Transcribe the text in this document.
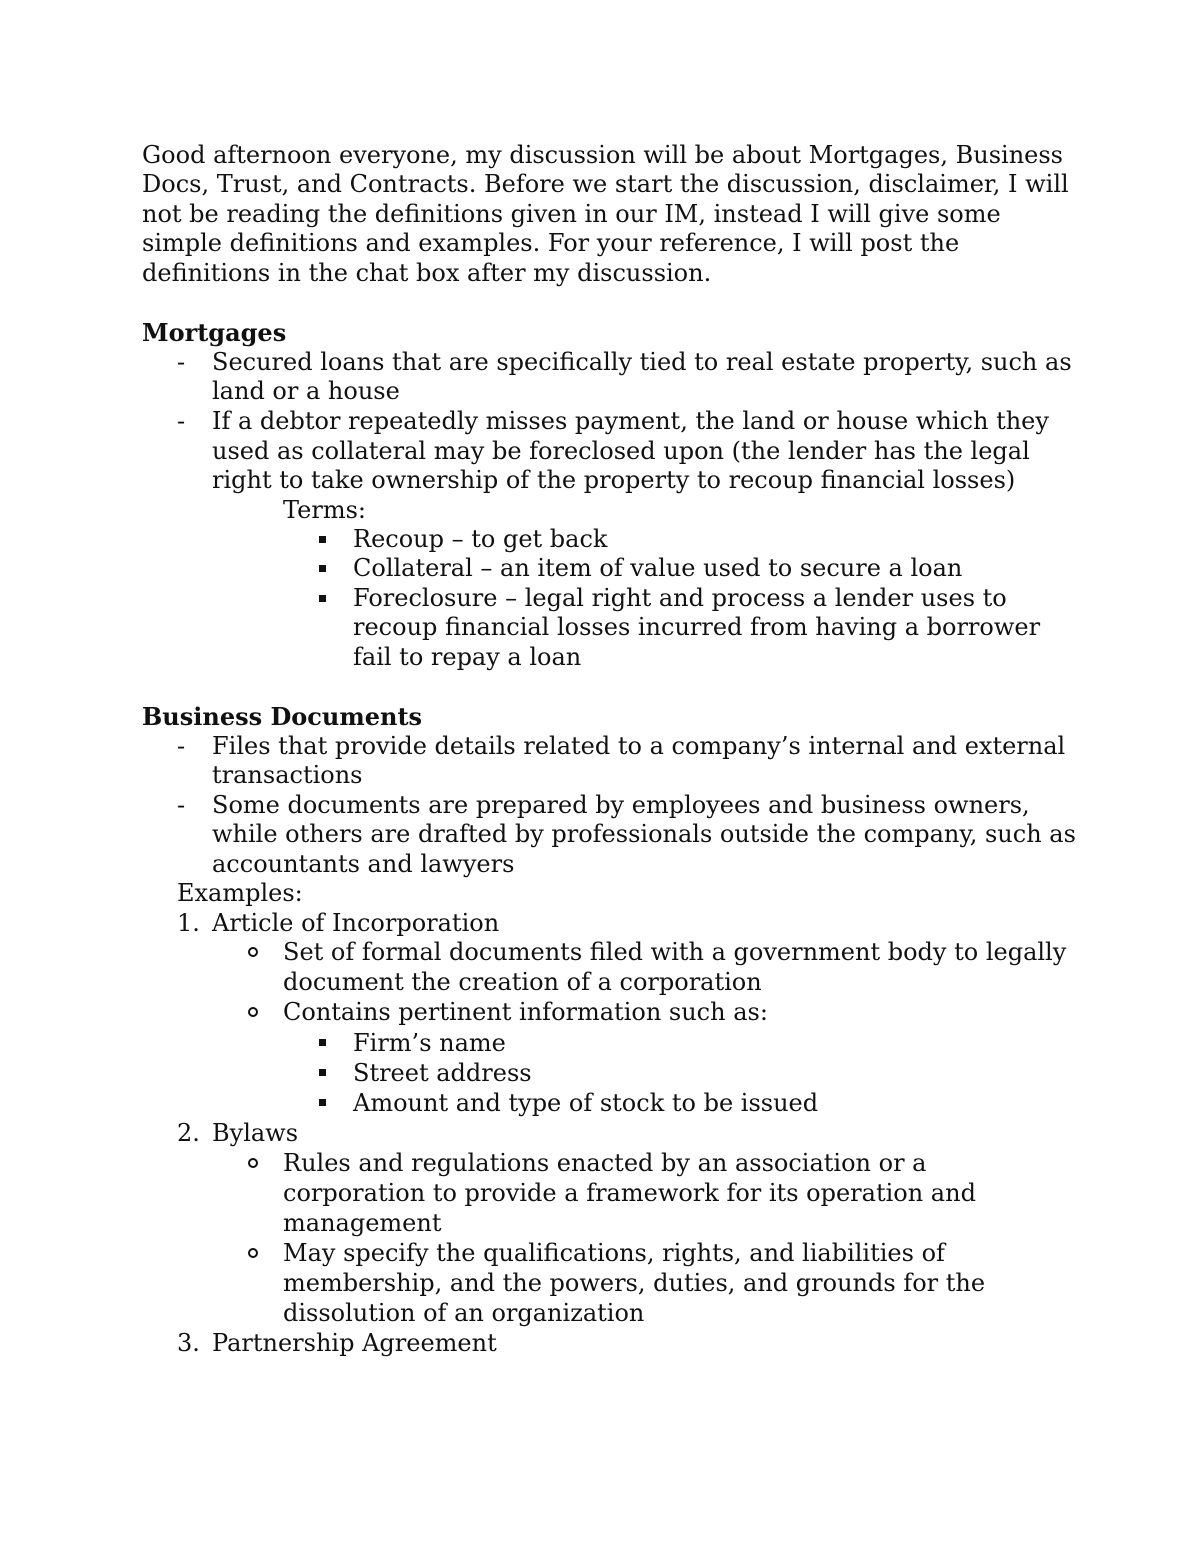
Good afternoon everyone, my discussion will be about Mortgages, Business
Docs, Trust, and Contracts. Before we start the discussion, disclaimer, I will
not be reading the definitions given in our IM, instead I will give some
simple definitions and examples. For your reference, I will post the
definitions in the chat box after my discussion.
Mortgages
- Secured loans that are specifically tied to real estate property, such as
land or a house
- If a debtor repeatedly misses payment, the land or house which they
used as collateral may be foreclosed upon (the lender has the legal
right to take ownership of the property to recoup financial losses)
Terms:
Recoup – to get back
Collateral – an item of value used to secure a loan
Foreclosure – legal right and process a lender uses to
recoup financial losses incurred from having a borrower
fail to repay a loan
Business Documents
- Files that provide details related to a company’s internal and external
transactions
- Some documents are prepared by employees and business owners,
while others are drafted by professionals outside the company, such as
accountants and lawyers
Examples:
1. Article of Incorporation
Set of formal documents filed with a government body to legally
document the creation of a corporation
Contains pertinent information such as:
Firm’s name
Street address
Amount and type of stock to be issued
2. Bylaws
Rules and regulations enacted by an association or a
corporation to provide a framework for its operation and
management
May specify the qualifications, rights, and liabilities of
membership, and the powers, duties, and grounds for the
dissolution of an organization
3. Partnership Agreement
